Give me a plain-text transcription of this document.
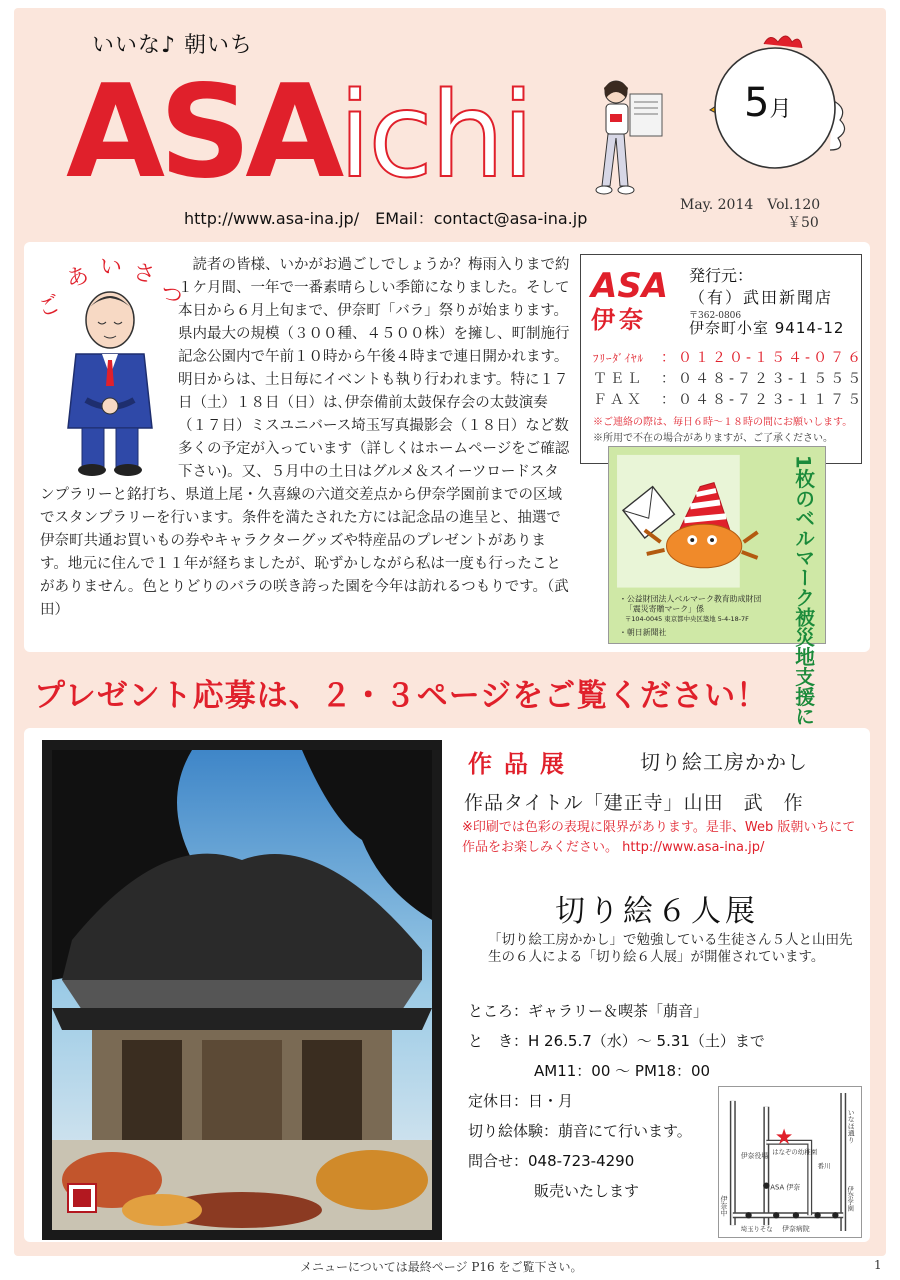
いいな♪ 朝いち
ASAichi	5月
May. 2014　Vol.120
￥50
http://www.asa-ina.jp/　EMail：contact@asa-ina.jp
ご
あ い さ
つ
　読者の皆様、いかがお過ごしでしょうか？梅雨入りまで約１ケ月間、一年で一番素晴らしい季節になりました。そして本日から６月上旬まで、伊奈町「バラ」祭りが始まります。県内最大の規模（３００種、４５００株）を擁し、町制施行記念公園内で午前１０時から午後４時まで連日開かれます。明日からは、土日毎にイベントも執り行われます。特に１７日（土）１８日（日）は､伊奈備前太鼓保存会の太鼓演奏（１７日）ミスユニバース埼玉写真撮影会（１８日）など数多くの予定が入っています（詳しくはホームページをご確認下さい)。又、５月中の土日はグルメ＆スイーツロードスタンプラリーと銘打ち、県道上尾・久喜線の六道交差点から伊奈学園前までの区域でスタンプラリーを行います。条件を満たされた方には記念品の進呈と、抽選で伊奈町共通お買いもの券やキャラクターグッズや特産品のプレゼントがあります。地元に住んで１１年が経ちましたが、恥ずかしながら私は一度も行ったことがありません。色とりどりのバラの咲き誇った園を今年は訪れるつもりです。（武田）
ASA
伊奈
発行元：
（有）武田新聞店
〒362-0806
伊奈町小室 9414-12
ﾌﾘｰﾀﾞｲﾔﾙ ：０１２０-１５４-０７６
ＴＥＬ ：０４８-７２３-１５５５
ＦＡＸ ：０４８-７２３-１１７５
※ご連絡の際は、毎日６時〜１８時の間にお願いします。
※所用で不在の場合がありますが、ご了承ください。
1枚のベルマーク被災地支援に
・公益財団法人ベルマーク教育助成財団
「震災寄贈マーク」係
〒104-0045 東京都中央区築地 5-4-18-7F
・朝日新聞社
プレゼント応募は、２・３ページをご覧ください！
作品展	切り絵工房かかし
作品タイトル「建正寺」山田　武　作
※印刷では色彩の表現に限界があります。是非、Web 版朝いちにて作品をお楽しみください。 http://www.asa-ina.jp/
切り絵６人展
「切り絵工房かかし」で勉強している生徒さん５人と山田先生の６人による「切り絵６人展」が開催されています。
ところ：ギャラリー＆喫茶「萠音」
と　き：H 26.5.7（水）〜 5.31（土）まで
AM11：00 〜 PM18：00
定休日：日・月
切り絵体験：萠音にて行います。
問合せ：048-723-4290
販売いたします
伊奈中
いなほ通り
伊奈役場 はなぞの幼稚園
ASA 伊奈
伊奈病院
埼玉りそな
伊奈学園
番川
メニューについては最終ページ P16 をご覧下さい。	1
